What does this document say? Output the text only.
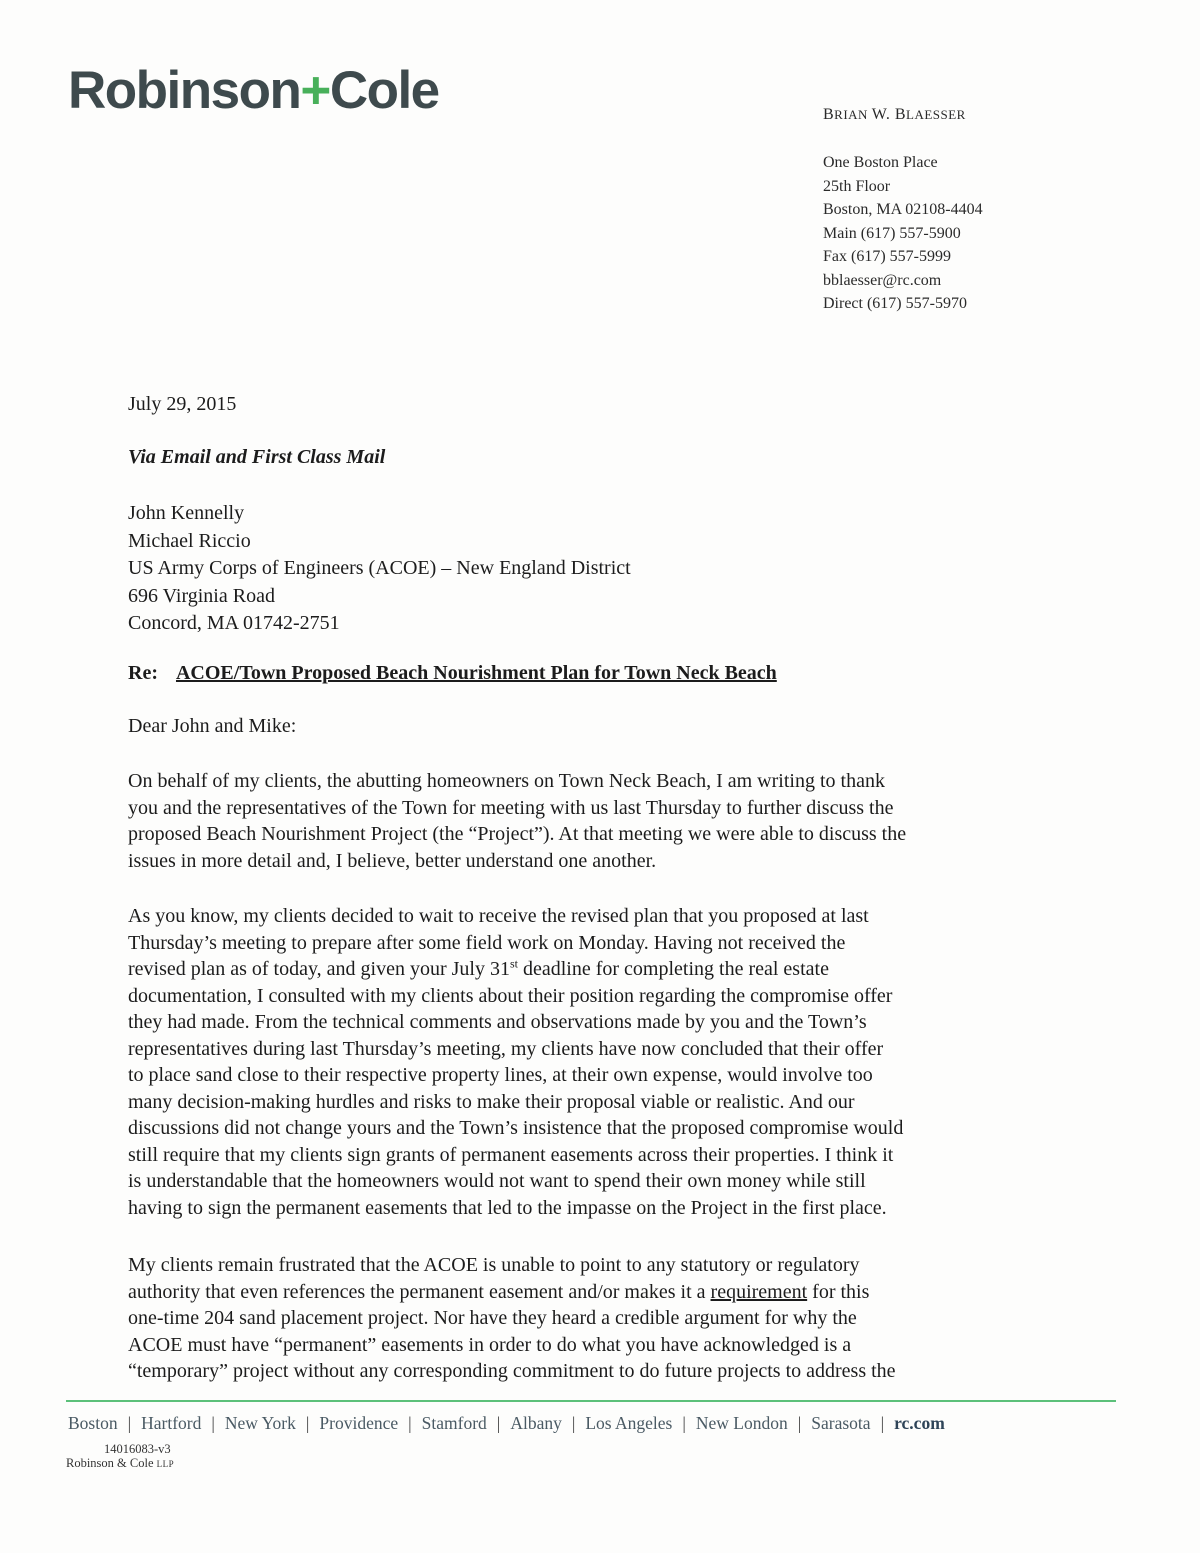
Robinson+Cole	BRIAN W. BLAESSER
One Boston Place
25th Floor
Boston, MA 02108-4404
Main (617) 557-5900
Fax (617) 557-5999
bblaesser@rc.com
Direct (617) 557-5970
July 29, 2015
Via Email and First Class Mail
John Kennelly
Michael Riccio
US Army Corps of Engineers (ACOE) – New England District
696 Virginia Road
Concord, MA 01742-2751
Re: ACOE/Town Proposed Beach Nourishment Plan for Town Neck Beach
Dear John and Mike:
On behalf of my clients, the abutting homeowners on Town Neck Beach, I am writing to thank
you and the representatives of the Town for meeting with us last Thursday to further discuss the
proposed Beach Nourishment Project (the “Project”). At that meeting we were able to discuss the
issues in more detail and, I believe, better understand one another.
As you know, my clients decided to wait to receive the revised plan that you proposed at last
Thursday’s meeting to prepare after some field work on Monday. Having not received the
revised plan as of today, and given your July 31st deadline for completing the real estate
documentation, I consulted with my clients about their position regarding the compromise offer
they had made. From the technical comments and observations made by you and the Town’s
representatives during last Thursday’s meeting, my clients have now concluded that their offer
to place sand close to their respective property lines, at their own expense, would involve too
many decision-making hurdles and risks to make their proposal viable or realistic. And our
discussions did not change yours and the Town’s insistence that the proposed compromise would
still require that my clients sign grants of permanent easements across their properties. I think it
is understandable that the homeowners would not want to spend their own money while still
having to sign the permanent easements that led to the impasse on the Project in the first place.
My clients remain frustrated that the ACOE is unable to point to any statutory or regulatory
authority that even references the permanent easement and/or makes it a requirement for this
one-time 204 sand placement project. Nor have they heard a credible argument for why the
ACOE must have “permanent” easements in order to do what you have acknowledged is a
“temporary” project without any corresponding commitment to do future projects to address the
Boston | Hartford | New York | Providence | Stamford | Albany | Los Angeles | New London | Sarasota | rc.com
14016083-v3
Robinson & Cole LLP
